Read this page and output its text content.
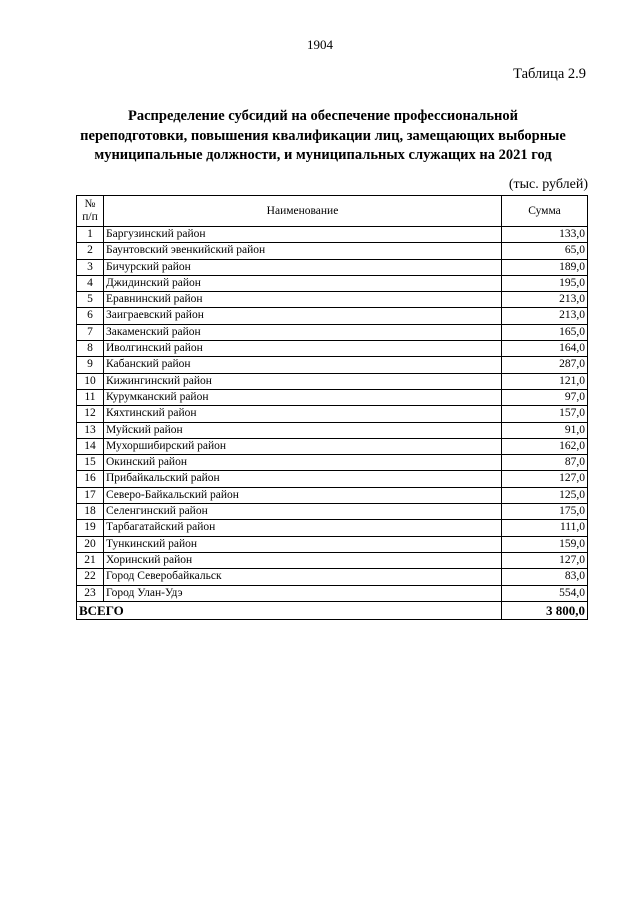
1904
Таблица 2.9
Распределение субсидий на обеспечение профессиональной
переподготовки, повышения квалификации лиц, замещающих выборные
муниципальные должности, и муниципальных служащих на 2021 год
(тыс. рублей)
№ п/п	Наименование	Сумма
1	Баргузинский район	133,0
2	Баунтовский эвенкийский район	65,0
3	Бичурский район	189,0
4	Джидинский район	195,0
5	Еравнинский район	213,0
6	Заиграевский район	213,0
7	Закаменский район	165,0
8	Иволгинский район	164,0
9	Кабанский район	287,0
10	Кижингинский район	121,0
11	Курумканский район	97,0
12	Кяхтинский район	157,0
13	Муйский район	91,0
14	Мухоршибирский район	162,0
15	Окинский район	87,0
16	Прибайкальский район	127,0
17	Северо-Байкальский район	125,0
18	Селенгинский район	175,0
19	Тарбагатайский район	111,0
20	Тункинский район	159,0
21	Хоринский район	127,0
22	Город Северобайкальск	83,0
23	Город Улан-Удэ	554,0
ВСЕГО		3 800,0
